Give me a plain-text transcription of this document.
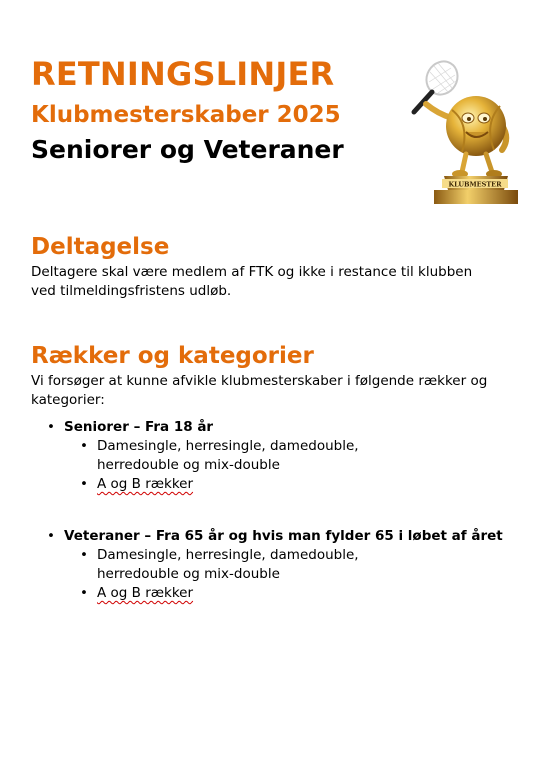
RETNINGSLINJER
Klubmesterskaber 2025
Seniorer og Veteraner
KLUBMESTER
Deltagelse
Deltagere skal være medlem af FTK og ikke i restance til klubben ved tilmeldingsfristens udløb.
Rækker og kategorier
Vi forsøger at kunne afvikle klubmesterskaber i følgende rækker og kategorier:
• Seniorer – Fra 18 år
• Damesingle, herresingle, damedouble, herredouble og mix-double
• A og B rækker
• Veteraner – Fra 65 år og hvis man fylder 65 i løbet af året
• Damesingle, herresingle, damedouble, herredouble og mix-double
• A og B rækker
